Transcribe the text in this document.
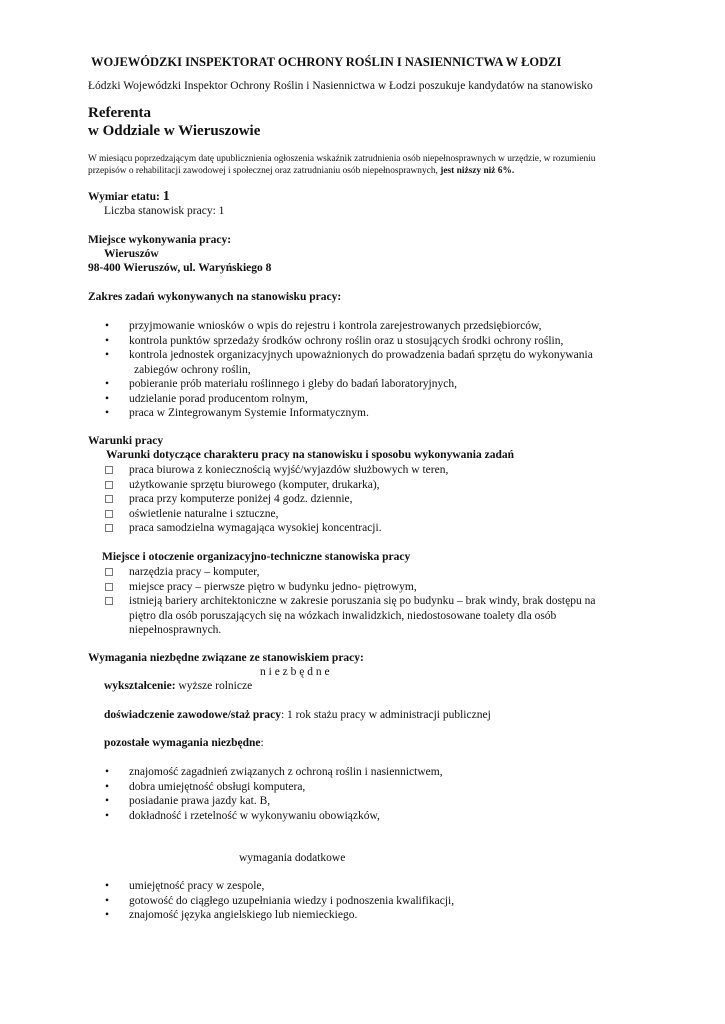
WOJEWÓDZKI INSPEKTORAT OCHRONY ROŚLIN I NASIENNICTWA W ŁODZI
Łódzki Wojewódzki Inspektor Ochrony Roślin i Nasiennictwa w Łodzi poszukuje kandydatów na stanowisko
Referenta
w Oddziale w Wieruszowie
W miesiącu poprzedzającym datę upublicznienia ogłoszenia wskaźnik zatrudnienia osób niepełnosprawnych w urzędzie, w rozumieniu
przepisów o rehabilitacji zawodowej i społecznej oraz zatrudnianiu osób niepełnosprawnych, jest niższy niż 6%.
Wymiar etatu: 1
Liczba stanowisk pracy: 1
Miejsce wykonywania pracy:
Wieruszów
98-400 Wieruszów, ul. Waryńskiego 8
Zakres zadań wykonywanych na stanowisku pracy:
•	przyjmowanie wniosków o wpis do rejestru i kontrola zarejestrowanych przedsiębiorców,
•	kontrola punktów sprzedaży środków ochrony roślin oraz u stosujących środki ochrony roślin,
•	kontrola jednostek organizacyjnych upoważnionych do prowadzenia badań sprzętu do wykonywania
zabiegów ochrony roślin,
•	pobieranie prób materiału roślinnego i gleby do badań laboratoryjnych,
•	udzielanie porad producentom rolnym,
•	praca w Zintegrowanym Systemie Informatycznym.
Warunki pracy
Warunki dotyczące charakteru pracy na stanowisku i sposobu wykonywania zadań
praca biurowa z koniecznością wyjść/wyjazdów służbowych w teren,
użytkowanie sprzętu biurowego (komputer, drukarka),
praca przy komputerze poniżej 4 godz. dziennie,
oświetlenie naturalne i sztuczne,
praca samodzielna wymagająca wysokiej koncentracji.
Miejsce i otoczenie organizacyjno-techniczne stanowiska pracy
narzędzia pracy – komputer,
miejsce pracy – pierwsze piętro w budynku jedno- piętrowym,
istnieją bariery architektoniczne w zakresie poruszania się po budynku – brak windy, brak dostępu na
piętro dla osób poruszających się na wózkach inwalidzkich, niedostosowane toalety dla osób
niepełnosprawnych.
Wymagania niezbędne związane ze stanowiskiem pracy:
n i e z b ę d n e
wykształcenie: wyższe rolnicze
doświadczenie zawodowe/staż pracy: 1 rok stażu pracy w administracji publicznej
pozostałe wymagania niezbędne:
•	znajomość zagadnień związanych z ochroną roślin i nasiennictwem,
•	dobra umiejętność obsługi komputera,
•	posiadanie prawa jazdy kat. B,
•	dokładność i rzetelność w wykonywaniu obowiązków,
wymagania dodatkowe
•	umiejętność pracy w zespole,
•	gotowość do ciągłego uzupełniania wiedzy i podnoszenia kwalifikacji,
•	znajomość języka angielskiego lub niemieckiego.
